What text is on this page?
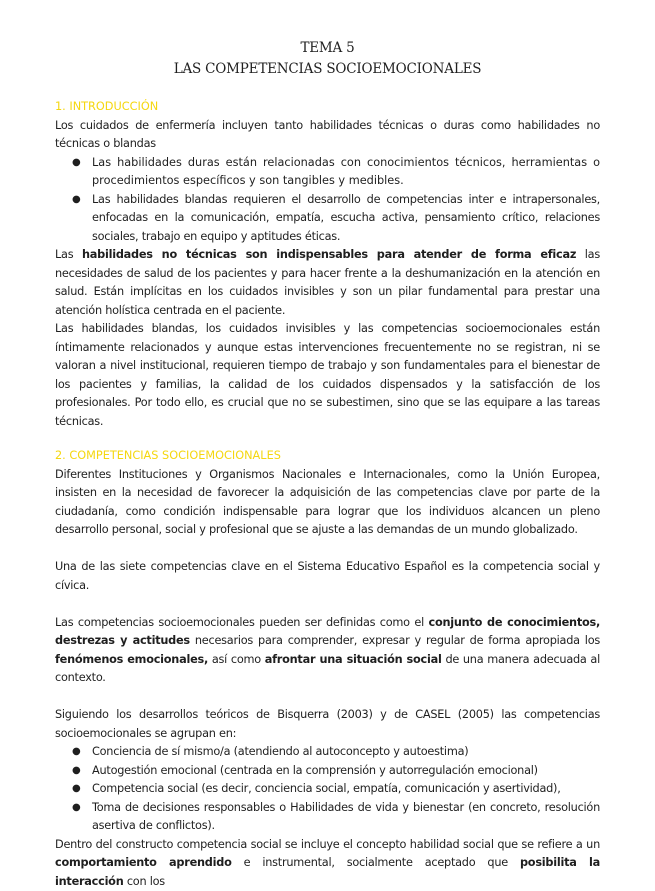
TEMA 5
LAS COMPETENCIAS SOCIOEMOCIONALES
1. INTRODUCCIÓN

Los cuidados de enfermería incluyen tanto habilidades técnicas o duras como habilidades no técnicas o blandas

● Las habilidades duras están relacionadas con conocimientos técnicos, herramientas o procedimientos específicos y son tangibles y medibles.
● Las habilidades blandas requieren el desarrollo de competencias inter e intrapersonales, enfocadas en la comunicación, empatía, escucha activa, pensamiento crítico, relaciones sociales, trabajo en equipo y aptitudes éticas.

Las habilidades no técnicas son indispensables para atender de forma eficaz las necesidades de salud de los pacientes y para hacer frente a la deshumanización en la atención en salud. Están implícitas en los cuidados invisibles y son un pilar fundamental para prestar una atención holística centrada en el paciente.

Las habilidades blandas, los cuidados invisibles y las competencias socioemocionales están íntimamente relacionados y aunque estas intervenciones frecuentemente no se registran, ni se valoran a nivel institucional, requieren tiempo de trabajo y son fundamentales para el bienestar de los pacientes y familias, la calidad de los cuidados dispensados y la satisfacción de los profesionales. Por todo ello, es crucial que no se subestimen, sino que se las equipare a las tareas técnicas.

2. COMPETENCIAS SOCIOEMOCIONALES

Diferentes Instituciones y Organismos Nacionales e Internacionales, como la Unión Europea, insisten en la necesidad de favorecer la adquisición de las competencias clave por parte de la ciudadanía, como condición indispensable para lograr que los individuos alcancen un pleno desarrollo personal, social y profesional que se ajuste a las demandas de un mundo globalizado.

Una de las siete competencias clave en el Sistema Educativo Español es la competencia social y cívica.

Las competencias socioemocionales pueden ser definidas como el conjunto de conocimientos, destrezas y actitudes necesarios para comprender, expresar y regular de forma apropiada los fenómenos emocionales, así como afrontar una situación social de una manera adecuada al contexto.

Siguiendo los desarrollos teóricos de Bisquerra (2003) y de CASEL (2005) las competencias socioemocionales se agrupan en:

● Conciencia de sí mismo/a (atendiendo al autoconcepto y autoestima)
● Autogestión emocional (centrada en la comprensión y autorregulación emocional)
● Competencia social (es decir, conciencia social, empatía, comunicación y asertividad),
● Toma de decisiones responsables o Habilidades de vida y bienestar (en concreto, resolución asertiva de conflictos).

Dentro del constructo competencia social se incluye el concepto habilidad social que se refiere a un comportamiento aprendido e instrumental, socialmente aceptado que posibilita la interacción con los
